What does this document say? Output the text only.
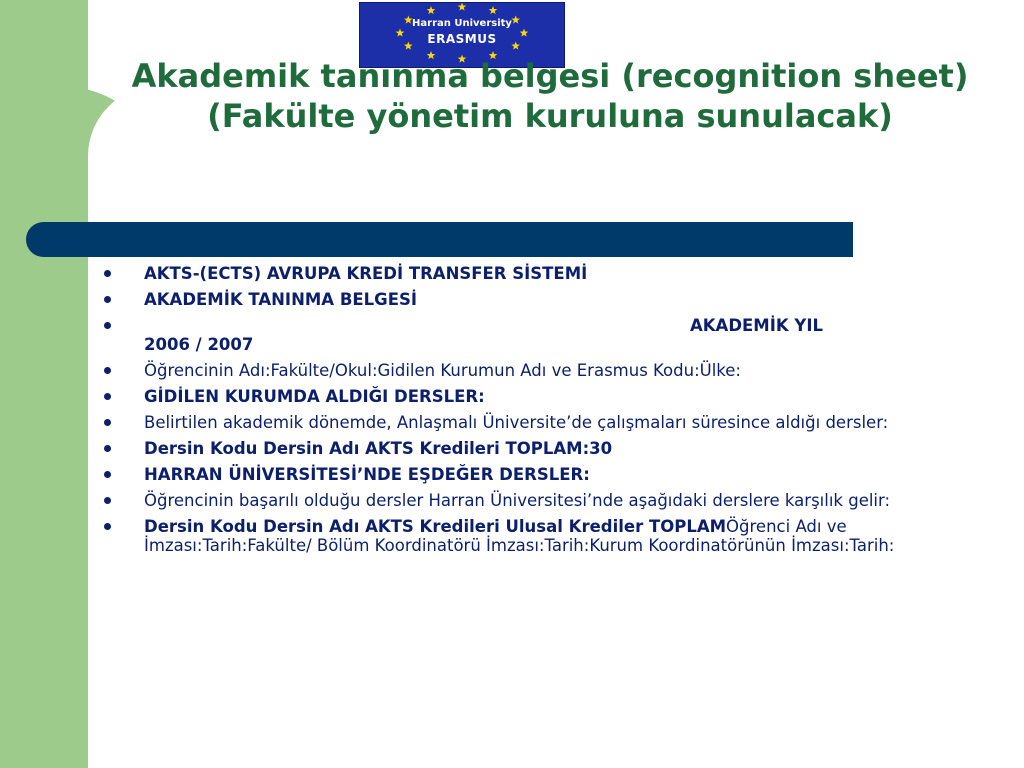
Harran University
ERASMUS
Akademik tanınma belgesi (recognition sheet) (Fakülte yönetim kuruluna sunulacak)
AKTS-(ECTS) AVRUPA KREDİ TRANSFER SİSTEMİ
AKADEMİK TANINMA BELGESİ
AKADEMİK YIL
2006 / 2007
Öğrencinin Adı:Fakülte/Okul:Gidilen Kurumun Adı ve Erasmus Kodu:Ülke:
GİDİLEN KURUMDA ALDIĞI DERSLER:
Belirtilen akademik dönemde, Anlaşmalı Üniversite’de çalışmaları süresince aldığı dersler:
Dersin Kodu Dersin Adı AKTS Kredileri TOPLAM:30
HARRAN ÜNİVERSİTESİ’NDE EŞDEĞER DERSLER:
Öğrencinin başarılı olduğu dersler Harran Üniversitesi’nde aşağıdaki derslere karşılık gelir:
Dersin Kodu Dersin Adı AKTS Kredileri Ulusal Krediler TOPLAMÖğrenci Adı ve İmzası:Tarih:Fakülte/ Bölüm Koordinatörü İmzası:Tarih:Kurum Koordinatörünün İmzası:Tarih:
